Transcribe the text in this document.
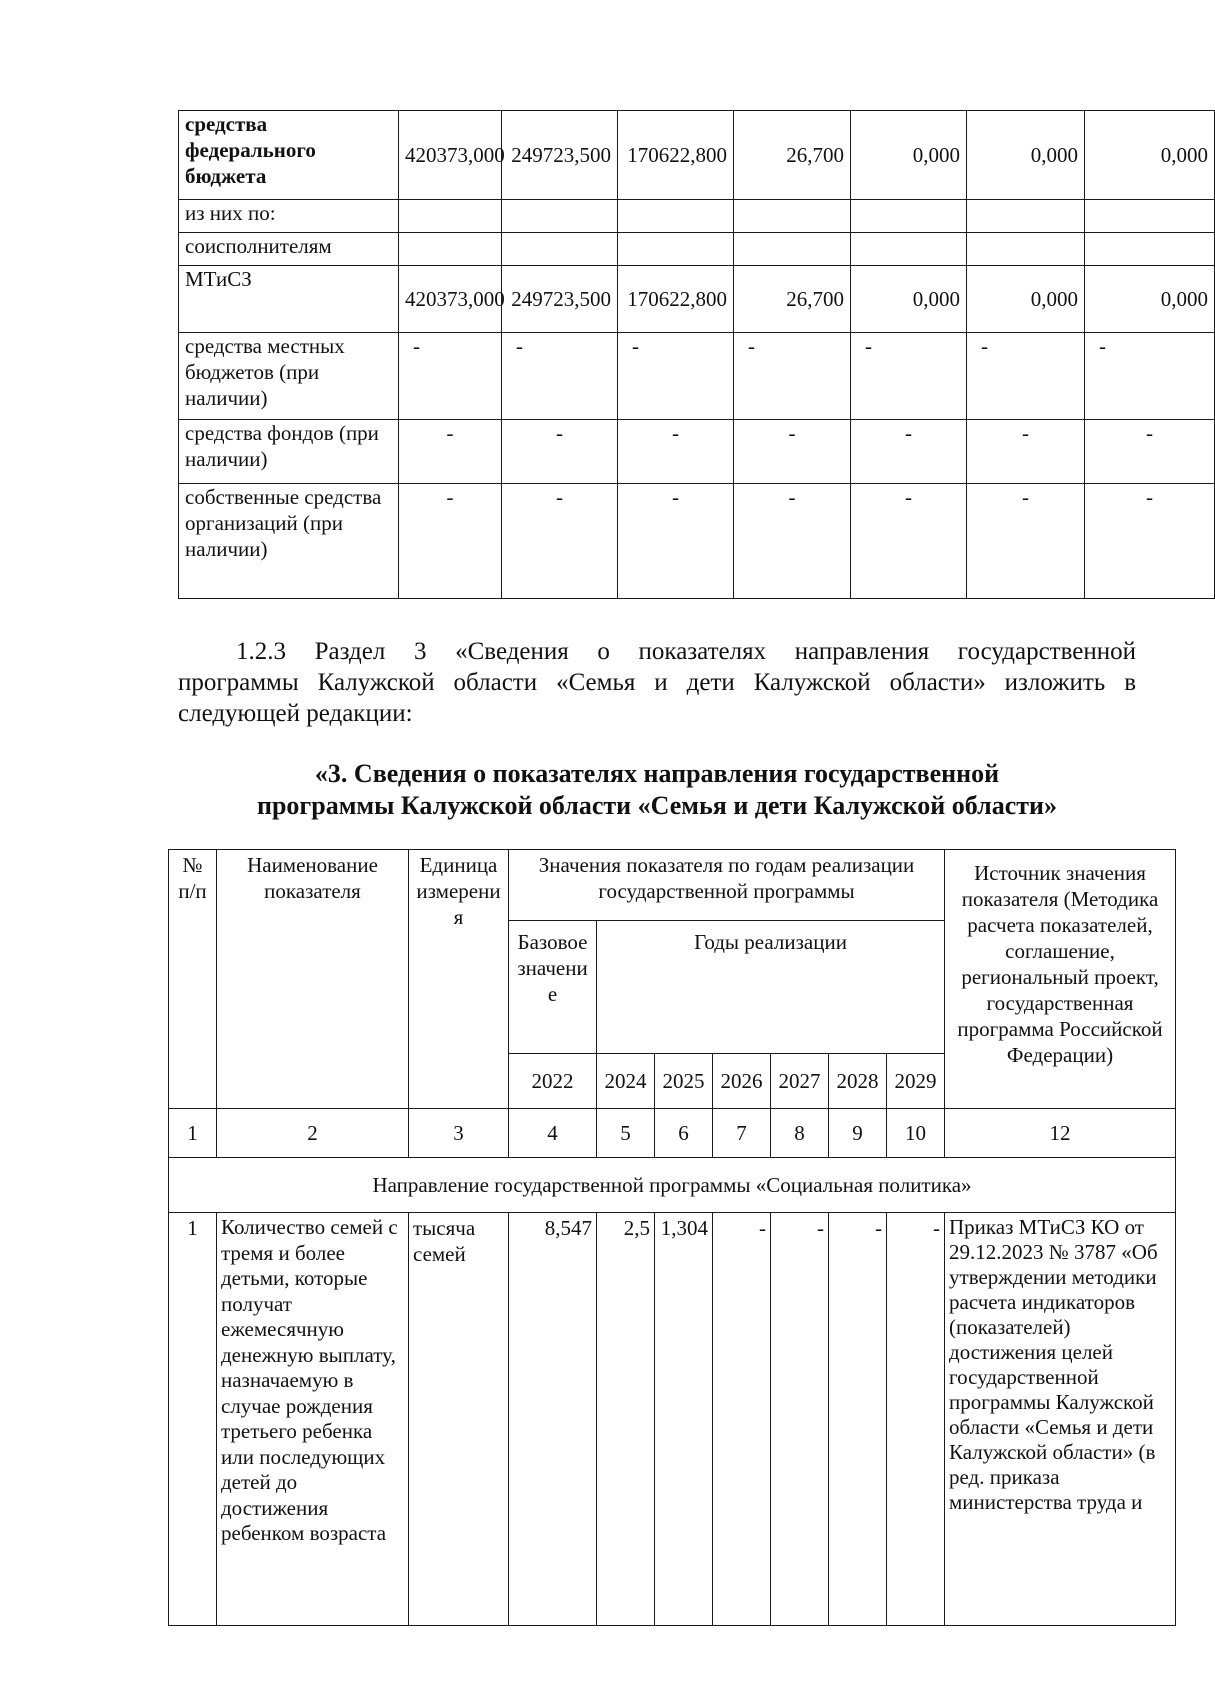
средства федерального бюджета	420373,000	249723,500	170622,800	26,700	0,000	0,000	0,000
из них по:							
соисполнителям							
МТиСЗ	420373,000	249723,500	170622,800	26,700	0,000	0,000	0,000
средства местных бюджетов (при наличии)	-	-	-	-	-	-	-
средства фондов (при наличии)	-	-	-	-	-	-	-
собственные средства организаций (при наличии)	-	-	-	-	-	-	-

1.2.3 Раздел 3 «Сведения о показателях направления государственной
программы Калужской области «Семья и дети Калужской области» изложить в следующей редакции:

«3. Сведения о показателях направления государственной
программы Калужской области «Семья и дети Калужской области»
№ п/п	Наименование показателя	Единица измерения	Значения показателя по годам реализации государственной программы							Источник значения показателя (Методика расчета показателей, соглашение, региональный проект, государственная программа Российской Федерации)
			Базовое значение	Годы реализации						
			2022	2024	2025	2026	2027	2028	2029	
1	2	3	4	5	6	7	8	9	10	12
Направление государственной программы «Социальная политика»										
1	Количество семей с тремя и более детьми, которые получат ежемесячную денежную выплату, назначаемую в случае рождения третьего ребенка или последующих детей до достижения ребенком возраста	тысяча семей	8,547	2,5	1,304	-	-	-	-	Приказ МТиСЗ КО от 29.12.2023 № 3787 «Об утверждении методики расчета индикаторов (показателей) достижения целей государственной программы Калужской области «Семья и дети Калужской области» (в ред. приказа министерства труда и
